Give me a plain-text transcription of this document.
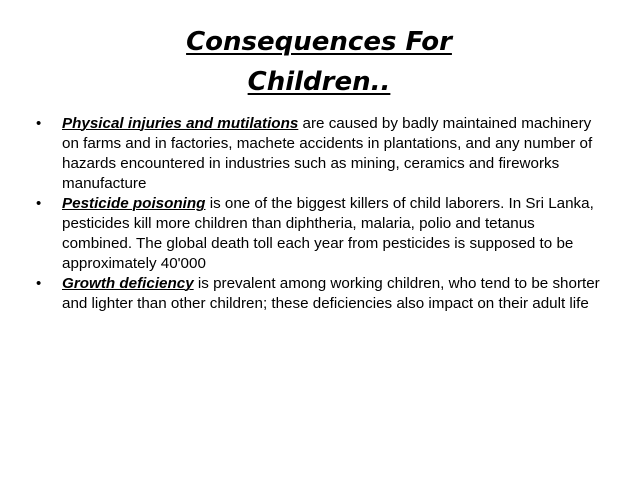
Consequences For
Children..
• Physical injuries and mutilations are caused by badly maintained machinery on farms and in factories, machete accidents in plantations, and any number of hazards encountered in industries such as mining, ceramics and fireworks manufacture
• Pesticide poisoning is one of the biggest killers of child laborers. In Sri Lanka, pesticides kill more children than diphtheria, malaria, polio and tetanus combined. The global death toll each year from pesticides is supposed to be approximately 40'000
• Growth deficiency is prevalent among working children, who tend to be shorter and lighter than other children; these deficiencies also impact on their adult life
